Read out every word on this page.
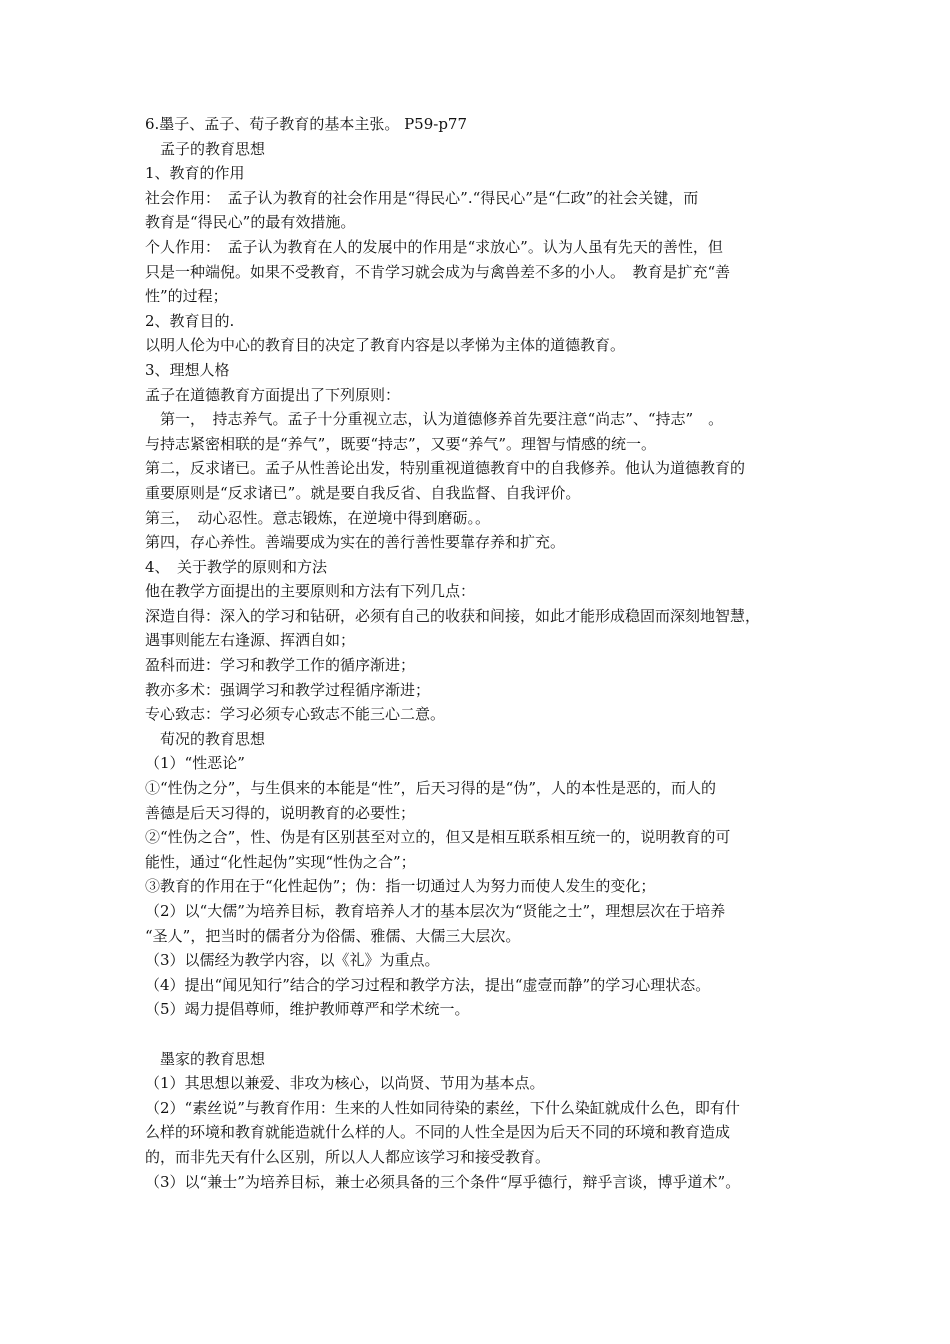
6.墨子、孟子、荀子教育的基本主张。 P59-p77

　孟子的教育思想

1、教育的作用

社会作用：　孟子认为教育的社会作用是“得民心”.“得民心”是“仁政”的社会关键，而

教育是“得民心”的最有效措施。

个人作用：　孟子认为教育在人的发展中的作用是“求放心”。认为人虽有先天的善性，但

只是一种端倪。如果不受教育，不肯学习就会成为与禽兽差不多的小人。　教育是扩充“善

性”的过程；

2、教育目的.

以明人伦为中心的教育目的决定了教育内容是以孝悌为主体的道德教育。

3、理想人格

孟子在道德教育方面提出了下列原则：

　第一，　持志养气。孟子十分重视立志，认为道德修养首先要注意“尚志”、“持志”　。

与持志紧密相联的是“养气”，既要“持志”，又要“养气”。理智与情感的统一。

第二，反求诸已。孟子从性善论出发，特别重视道德教育中的自我修养。他认为道德教育的

重要原则是“反求诸已”。就是要自我反省、自我监督、自我评价。

第三，　动心忍性。意志锻炼，在逆境中得到磨砺。。

第四，存心养性。善端要成为实在的善行善性要靠存养和扩充。

4、　关于教学的原则和方法

他在教学方面提出的主要原则和方法有下列几点：

深造自得：深入的学习和钻研，必须有自己的收获和间接，如此才能形成稳固而深刻地智慧，

遇事则能左右逢源、挥洒自如；

盈科而进：学习和教学工作的循序渐进；

教亦多术：强调学习和教学过程循序渐进；

专心致志：学习必须专心致志不能三心二意。

　荀况的教育思想

（1）“性恶论”

①“性伪之分”，与生俱来的本能是“性”，后天习得的是“伪”，人的本性是恶的，而人的

善德是后天习得的，说明教育的必要性；

②“性伪之合”，性、伪是有区别甚至对立的，但又是相互联系相互统一的，说明教育的可

能性，通过“化性起伪”实现“性伪之合”；

③教育的作用在于“化性起伪”；伪：指一切通过人为努力而使人发生的变化；

（2）以“大儒”为培养目标，教育培养人才的基本层次为“贤能之士”，理想层次在于培养

“圣人”，把当时的儒者分为俗儒、雅儒、大儒三大层次。

（3）以儒经为教学内容，以《礼》为重点。

（4）提出“闻见知行”结合的学习过程和教学方法，提出“虚壹而静”的学习心理状态。

（5）竭力提倡尊师，维护教师尊严和学术统一。

　墨家的教育思想

（1）其思想以兼爱、非攻为核心，以尚贤、节用为基本点。

（2）“素丝说”与教育作用：生来的人性如同待染的素丝，下什么染缸就成什么色，即有什

么样的环境和教育就能造就什么样的人。不同的人性全是因为后天不同的环境和教育造成

的，而非先天有什么区别，所以人人都应该学习和接受教育。

（3）以“兼士”为培养目标，兼士必须具备的三个条件“厚乎德行，辩乎言谈，博乎道术”。
